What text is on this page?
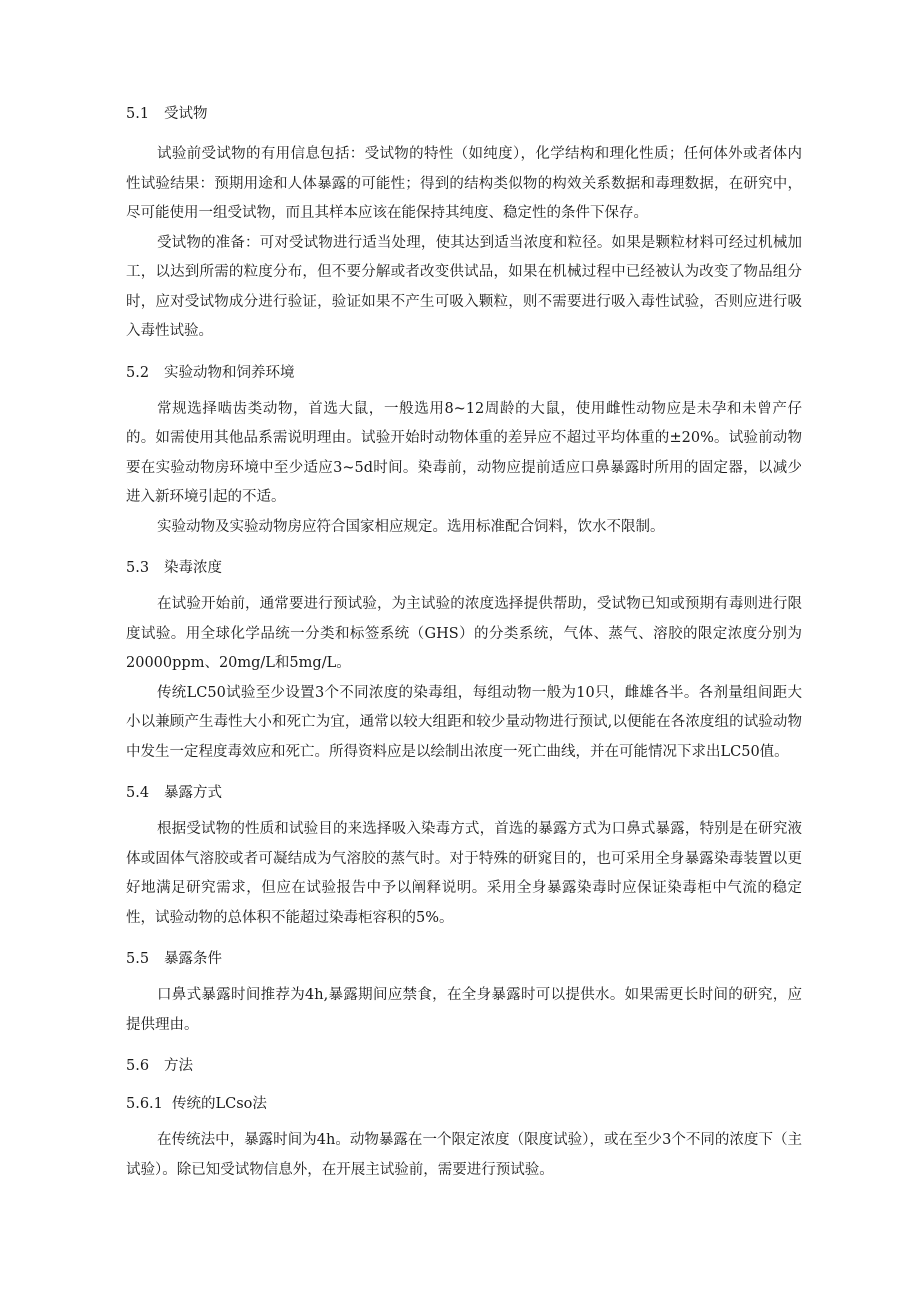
5.1 受试物

试验前受试物的有用信息包括：受试物的特性（如纯度），化学结构和理化性质；任何体外或者体内性试验结果：预期用途和人体暴露的可能性；得到的结构类似物的构效关系数据和毒理数据，在研究中，尽可能使用一组受试物，而且其样本应该在能保持其纯度、稳定性的条件下保存。

受试物的准备：可对受试物进行适当处理，使其达到适当浓度和粒径。如果是颗粒材料可经过机械加工，以达到所需的粒度分布，但不要分解或者改变供试品，如果在机械过程中已经被认为改变了物品组分时，应对受试物成分进行验证，验证如果不产生可吸入颗粒，则不需要进行吸入毒性试验，否则应进行吸入毒性试验。

5.2 实验动物和饲养环境

常规选择啮齿类动物，首选大鼠，一般选用8~12周龄的大鼠，使用雌性动物应是未孕和未曾产仔的。如需使用其他品系需说明理由。试验开始时动物体重的差异应不超过平均体重的±20%。试验前动物要在实验动物房环境中至少适应3~5d时间。染毒前，动物应提前适应口鼻暴露时所用的固定器，以减少进入新环境引起的不适。

实验动物及实验动物房应符合国家相应规定。选用标准配合饲料，饮水不限制。

5.3 染毒浓度

在试验开始前，通常要进行预试验，为主试验的浓度选择提供帮助，受试物已知或预期有毒则进行限度试验。用全球化学品统一分类和标签系统（GHS）的分类系统，气体、蒸气、溶胶的限定浓度分别为20000ppm、20mg/L和5mg/L。

传统LC50试验至少设置3个不同浓度的染毒组，每组动物一般为10只，雌雄各半。各剂量组间距大小以兼顾产生毒性大小和死亡为宜，通常以较大组距和较少量动物进行预试,以便能在各浓度组的试验动物中发生一定程度毒效应和死亡。所得资料应是以绘制出浓度一死亡曲线，并在可能情况下求出LC50值。

5.4 暴露方式

根据受试物的性质和试验目的来选择吸入染毒方式，首选的暴露方式为口鼻式暴露，特别是在研究液体或固体气溶胶或者可凝结成为气溶胶的蒸气时。对于特殊的研窕目的，也可采用全身暴露染毒装置以更好地满足研究需求，但应在试验报告中予以阐释说明。采用全身暴露染毒时应保证染毒柜中气流的稳定性，试验动物的总体积不能超过染毒柜容积的5%。

5.5 暴露条件

口鼻式暴露时间推荐为4h,暴露期间应禁食，在全身暴露时可以提供水。如果需更长时间的研究，应提供理由。

5.6 方法

5.6.1 传统的LCso法

在传统法中，暴露时间为4h。动物暴露在一个限定浓度（限度试验），或在至少3个不同的浓度下（主试验）。除已知受试物信息外，在开展主试验前，需要进行预试验。
